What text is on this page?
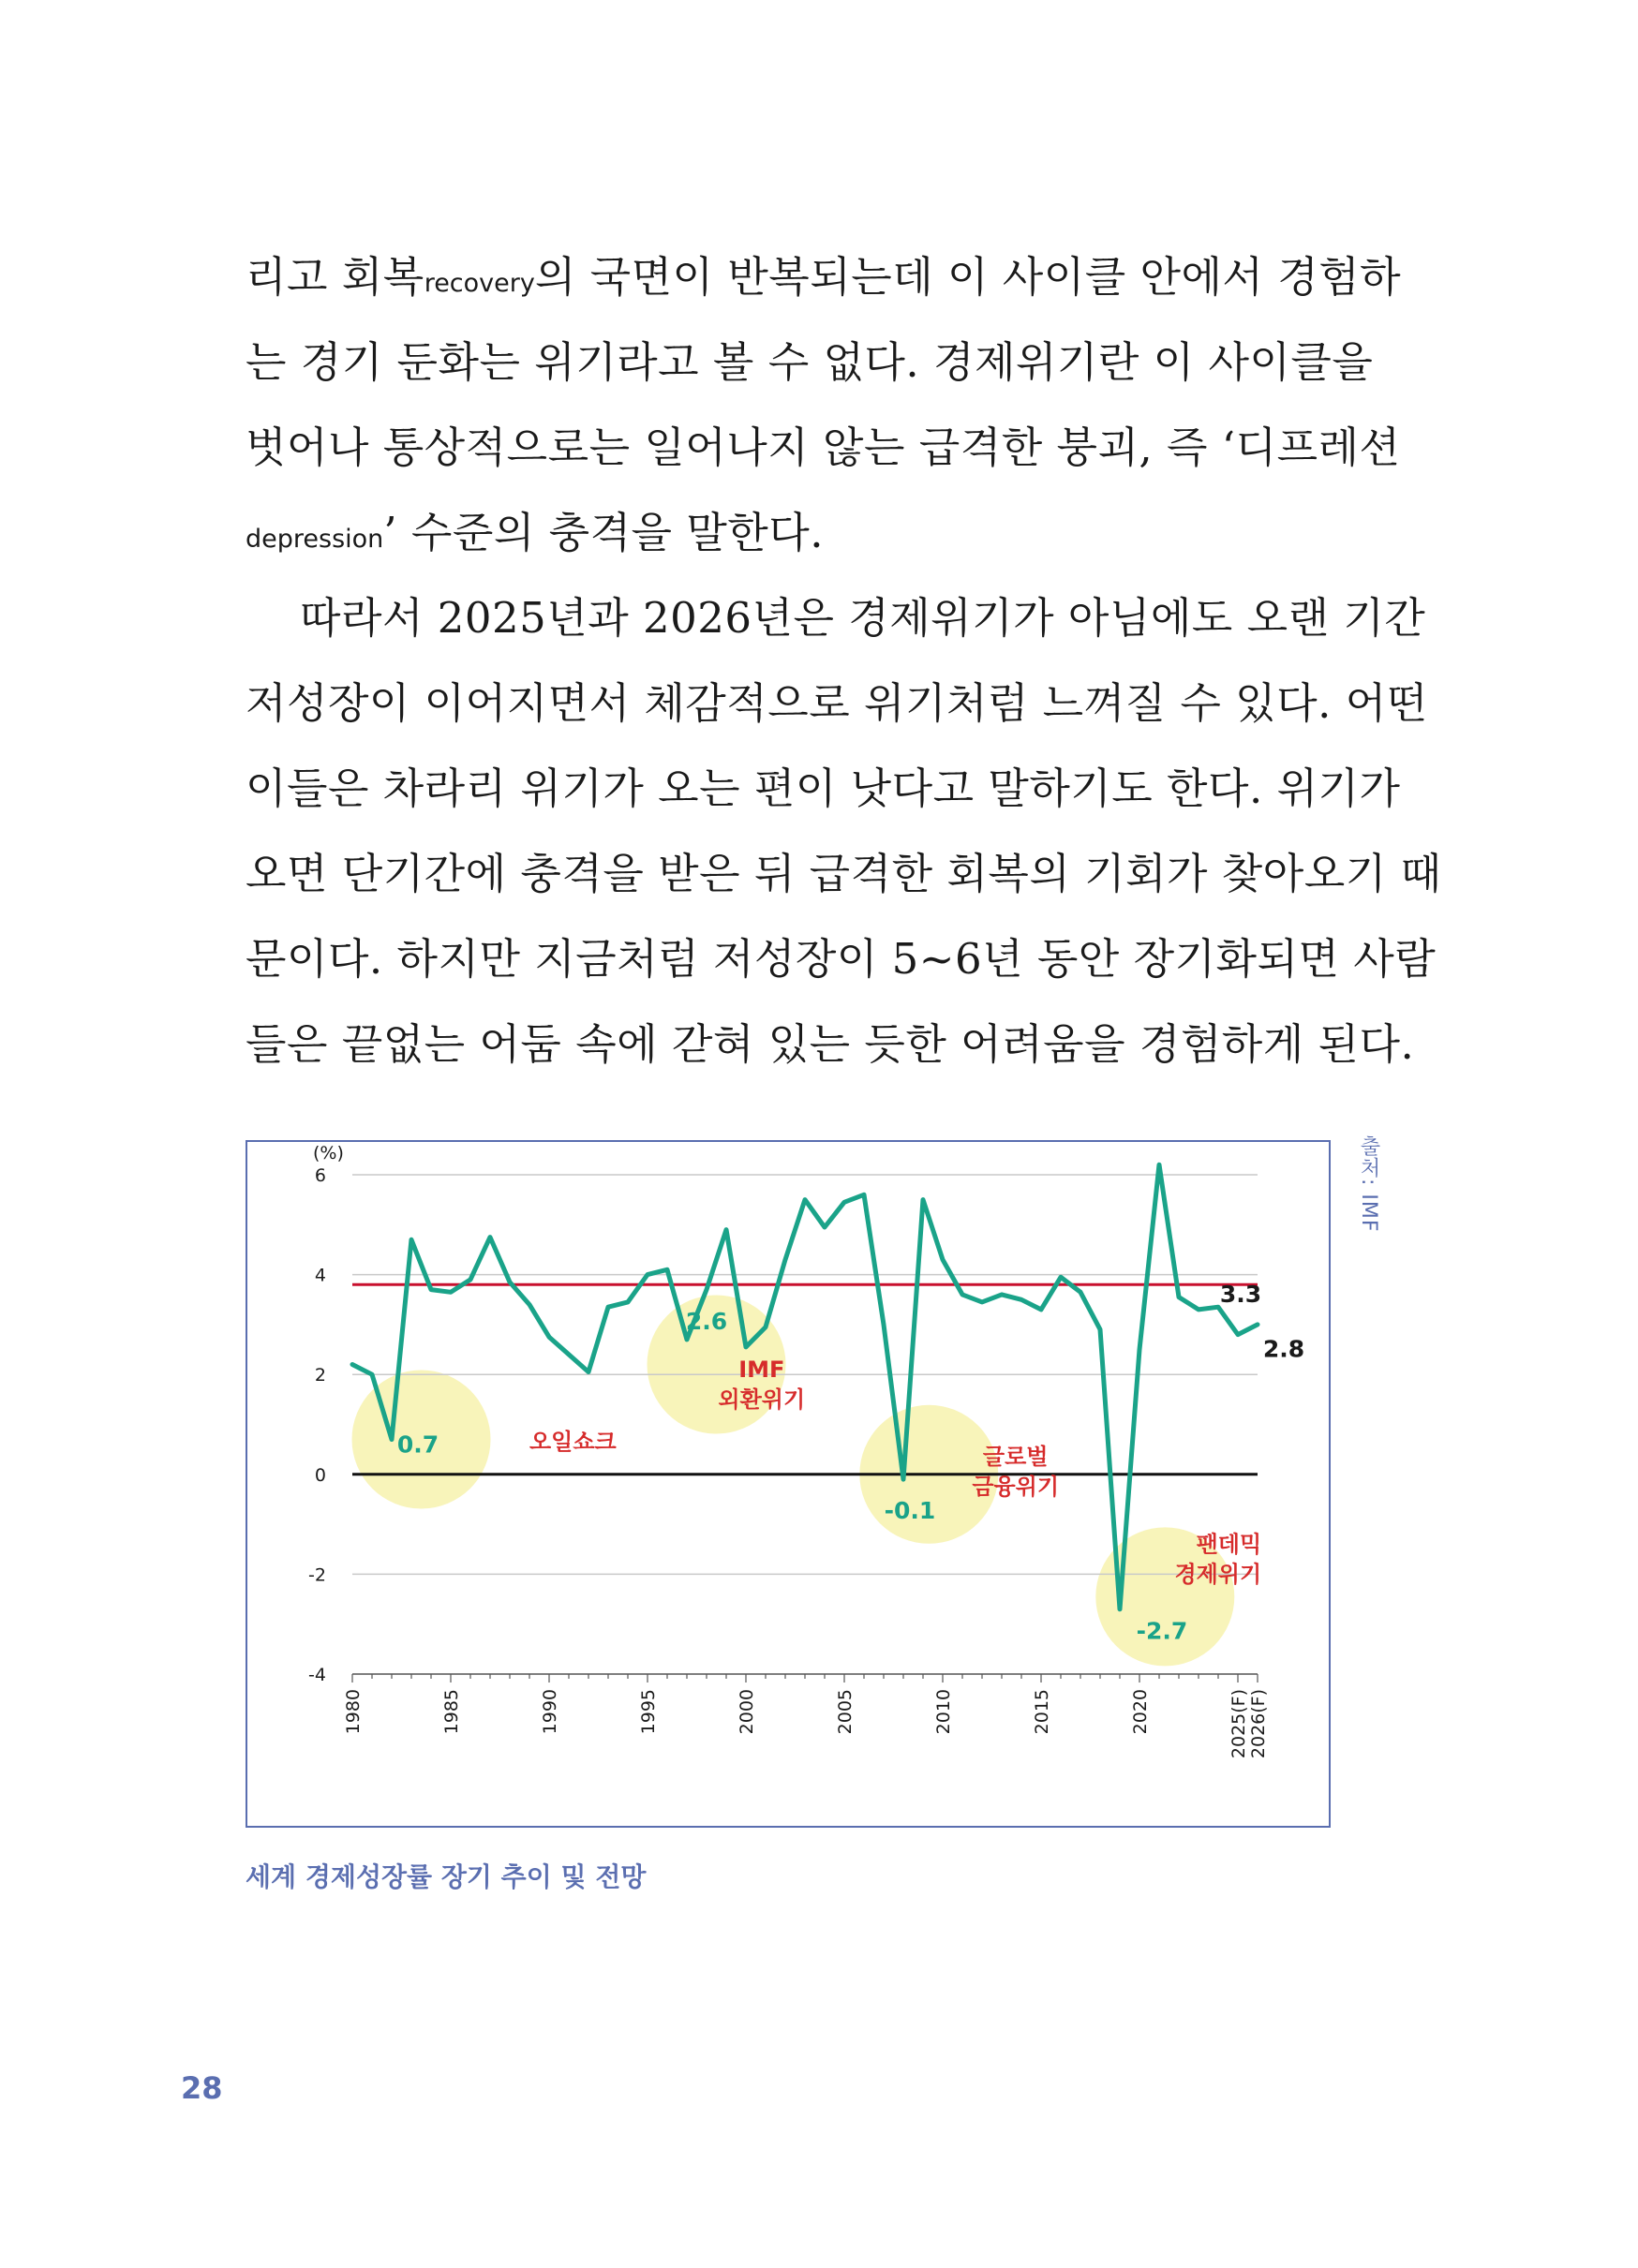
리고 회복recovery의 국면이 반복되는데 이 사이클 안에서 경험하
는 경기 둔화는 위기라고 볼 수 없다. 경제위기란 이 사이클을
벗어나 통상적으로는 일어나지 않는 급격한 붕괴, 즉 ‘디프레션
depression’ 수준의 충격을 말한다.
따라서 2025년과 2026년은 경제위기가 아님에도 오랜 기간
저성장이 이어지면서 체감적으로 위기처럼 느껴질 수 있다. 어떤
이들은 차라리 위기가 오는 편이 낫다고 말하기도 한다. 위기가
오면 단기간에 충격을 받은 뒤 급격한 회복의 기회가 찾아오기 때
문이다. 하지만 지금처럼 저성장이 5~6년 동안 장기화되면 사람
들은 끝없는 어둠 속에 갇혀 있는 듯한 어려움을 경험하게 된다.
6
4
2
0
-2
-4
(%)
1980	1985	1990	1995	2000	2005	2010	2015	2020	2025(F) 2026(F)
0.7
2.6
-0.1
-2.7
3.3
2.8
오일쇼크
IMF
외환위기
글로벌
금융위기
팬데믹
경제위기
출처: IMF
세계 경제성장률 장기 추이 및 전망
28
